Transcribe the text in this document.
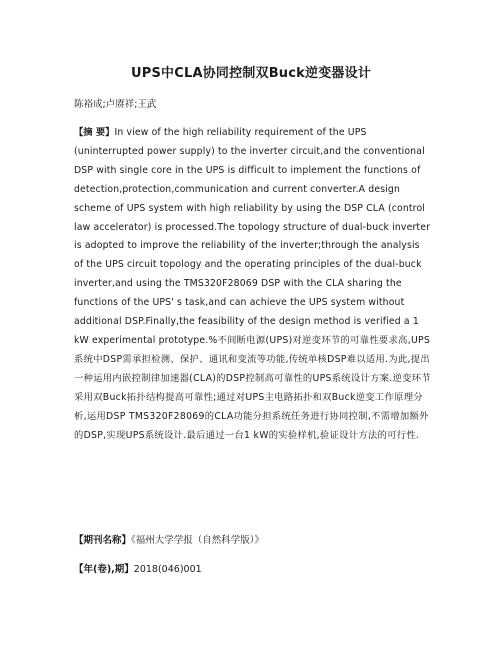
UPS中CLA协同控制双Buck逆变器设计
陈裕成;卢赓祥;王武
【摘 要】In view of the high reliability requirement of the UPS (uninterrupted power supply) to the inverter circuit,and the conventional DSP with single core in the UPS is difficult to implement the functions of detection,protection,communication and current converter.A design scheme of UPS system with high reliability by using the DSP CLA (control law accelerator) is processed.The topology structure of dual-buck inverter is adopted to improve the reliability of the inverter;through the analysis of the UPS circuit topology and the operating principles of the dual-buck inverter,and using the TMS320F28069 DSP with the CLA sharing the functions of the UPS' s task,and can achieve the UPS system without additional DSP.Finally,the feasibility of the design method is verified a 1 kW experimental prototype.%不间断电源(UPS)对逆变环节的可靠性要求高,UPS系统中DSP需承担检测、保护、通讯和变流等功能,传统单核DSP难以适用.为此,提出一种运用内嵌控制律加速器(CLA)的DSP控制高可靠性的UPS系统设计方案.逆变环节采用双Buck拓扑结构提高可靠性;通过对UPS主电路拓扑和双Buck逆变工作原理分析,运用DSP TMS320F28069的CLA功能分担系统任务进行协同控制,不需增加额外的DSP,实现UPS系统设计.最后通过一台1 kW的实验样机,验证设计方法的可行性.
【期刊名称】《福州大学学报（自然科学版）》
【年(卷),期】2018(046)001
